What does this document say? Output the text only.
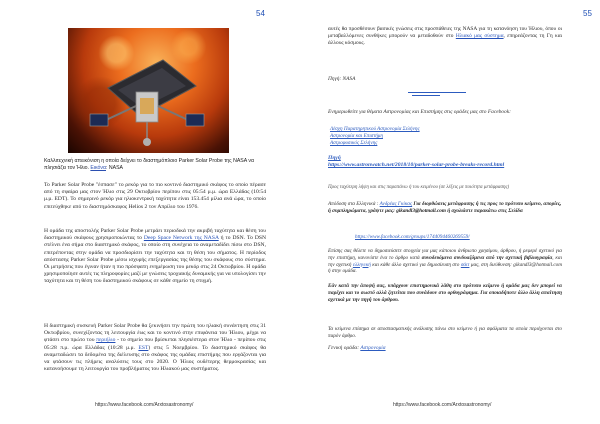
54
Καλλιτεχνική απεικόνιση η οποία δείχνει το διαστημόπλοιο Parker Solar Probe της NASA να πλησιάζει τον Ήλιο. Εικόνα: NASA
Το Parker Solar Probe "έσπασε" το ρεκόρ για το πιο κοντινό διαστημικό σκάφος το οποίο πέρασε από τη σφαίρα μας στον Ήλιο στις 29 Οκτωβρίου περίπου στις 05:54 μ.μ. ώρα Ελλάδας (10:54 μ.μ. EDT). Το σημερινό ρεκόρ για ηλιοκεντρική ταχύτητα είναι 153.454 μίλια ανά ώρα, το οποίο επιτεύχθηκε από το διαστημόσκαφος Helios 2 τον Απρίλιο του 1976.
Η ομάδα της αποστολής Parker Solar Probe μετράει περιοδικά την ακριβή ταχύτητα και θέση του διαστημικού σκάφους χρησιμοποιώντας το Deep Space Network της NASA ή το DSN. Το DSN στέλνει ένα σήμα στο διαστημικό σκάφος, το οποίο στη συνέχεια το αναμεταδίδει πίσω στο DSN, επιτρέποντας στην ομάδα να προσδιορίσει την ταχύτητα και τη θέση του σήματος. Η περίοδος απόστασης Parker Solar Probe μέσω ισχυρής επεξεργασίας της θέσης του σκάφους στο σύστημα. Οι μετρήσεις που έγιναν ήταν η πιο πρόσφατη ενημέρωση του ρεκόρ στις 24 Οκτωβρίου. Η ομάδα χρησιμοποίησε αυτές τις πληροφορίες μαζί με γνώσεις τροχιακής δυναμικής για να υπολογίσει την ταχύτητα και τη θέση του διαστημικού σκάφους σε κάθε σημείο τη στιγμή.
Η διαστημική συσκευή Parker Solar Probe θα ξεκινήσει την πρώτη του ηλιακή συνάντηση στις 31 Οκτωβρίου, συνεχίζοντας τη λειτουργία έως και το κοντινό στην επιφάνεια του Ήλιου, μέχρι να φτάσει στο πρώτο του περιήλιο - το σημείο που βρίσκεται πλησιέστερα στον Ήλιο - περίπου στις 05:28 π.μ. ώρα Ελλάδας (10:28 μ.μ. EST) στις 5 Νοεμβρίου. Το διαστημικό σκάφος θα αναμεταδώσει τα δεδομένα της διέλευσης στο σκάφος της ομάδας επιστήμης που εργάζονται για να φτάσουν τις πλήρεις αναλύσεις τους στο 2020. Ο Ήλιος ουδέτερης θερμοκρασίας και κατανοήσουμε τη λειτουργία του προβλήματος του Ηλιακού μας συστήματος.
https://www.facebook.com/Arxtosastronomy/
55
αυτές θα προσθέσουν βασικές γνώσεις στις προσπάθειες της NASA για τη κατανόηση του Ήλιου, όπου οι μεταβαλλόμενες συνθήκες μπορούν να μεταδοθούν στο Ηλιακό μας σύστημα, επηρεάζοντας τη Γη και άλλους κόσμους.
Πηγή: NASA
Ενημερωθείτε για θέματα Αστρονομίας και Επιστήμης στις ομάδες μας στο Facebook:
Λέσχη Παρατηρητικού Αστρονομία Σελήνης
Αστρονομία και Επιστήμη
Αστροφυσικός Σελήνης
Πηγή
https://www.astronwatch.net/2018/10/parker-solar-probe-breaks-record.html
Προς ταχύτερη λήψη και στις παραπάνω ή του κειμένου (σε λέξεις με ποιότητα μετάφρασης)
Απόδοση στα Ελληνικά : Ανδρέας Γκίκας Για διορθώσεις μετάφρασης ή τις προς το πρότυπο κείμενο, απορίες, ή συμπληρώματα, γράψτε μας: gikandl3@hotmail.com ή σχολιάστε παρακάτω στις Σελίδα
https://www.facebook.com/groups/1744094460269559/
Επίσης σας θέλετε να δημοσιεύσετε στοιχεία για μας κάποιου άνθρωπο χρησίμου, άρθρου, ή ρεφερέ σχετικό για την επιστήμη, κανονίστε ένα το άρθρο κατά συνοδευόμενα συνδυαζόμενα από την σχετική βιβλιογραφία, και την σχετική ελληνική και κάθε άλλο σχετικό για δημοσίευση στο σάιτ μας, στη διεύθυνση: gikandl3@hotmail.com ή στην ομάδα.
Εάν κατά την άποψή σας, υπάρχουν επιστημονικά λάθη στο πρότυπο κείμενο ή ομάδα μας δεν μπορεί να παρέχει και το σωστό αλλά ζητείται που συνάδουν στο ορθογράφημα. Για οποιαδήποτε άλλο άλλη απαίτηση σχετικά με την πηγή του άρθρου.
Τα κείμενα επίσημα σε αποσπασματικής ανάλυσης πάνω στο κείμενο ή για σφάλματα τα οποία περιέχονται στο παρόν άρθρο.
Γενική ομάδα: Αστρονομία
https://www.facebook.com/Arxtosastronomy/
